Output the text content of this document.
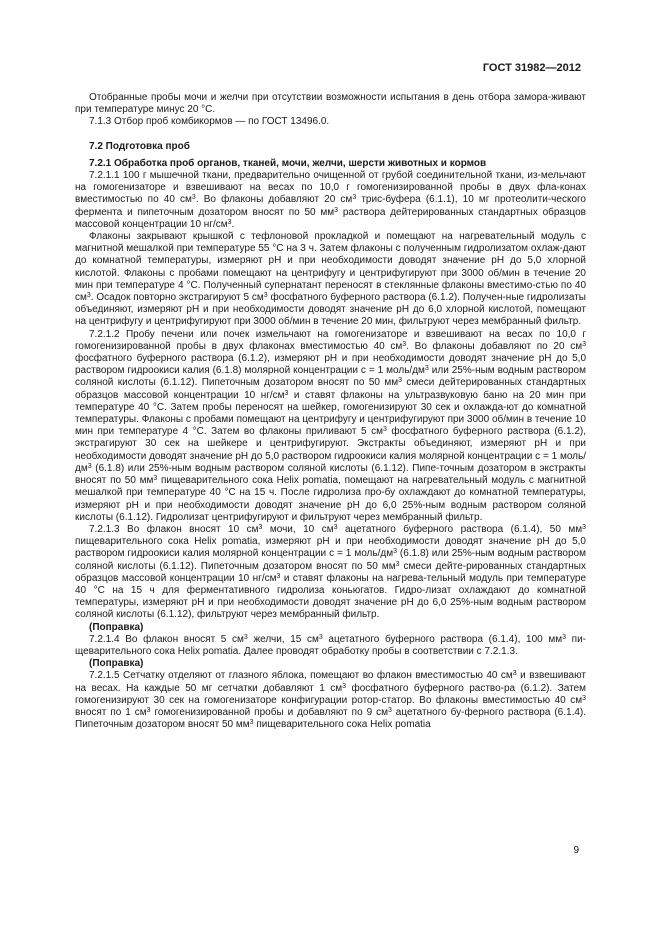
ГОСТ 31982—2012

Отобранные пробы мочи и желчи при отсутствии возможности испытания в день отбора замора-живают при температуре минус 20 °С.

7.1.3 Отбор проб комбикормов — по ГОСТ 13496.0.

7.2 Подготовка проб

7.2.1 Обработка проб органов, тканей, мочи, желчи, шерсти животных и кормов

7.2.1.1 100 г мышечной ткани, предварительно очищенной от грубой соединительной ткани, из-мельчают на гомогенизаторе и взвешивают на весах по 10,0 г гомогенизированной пробы в двух фла-конах вместимостью по 40 $см^3$. Во флаконы добавляют 20 $см^3$ трис-буфера (6.1.1), 10 мг протеолити-ческого фермента и пипеточным дозатором вносят по 50 $мм^3$ раствора дейтерированных стандартных образцов массовой концентрации 10 $нг/см^3$.

Флаконы закрывают крышкой с тефлоновой прокладкой и помещают на нагревательный модуль с магнитной мешалкой при температуре 55 °С на 3 ч. Затем флаконы с полученным гидролизатом охлаж-дают до комнатной температуры, измеряют рН и при необходимости доводят значение рН до 5,0 хлорной кислотой. Флаконы с пробами помещают на центрифугу и центрифугируют при 3000 об/мин в течение 20 мин при температуре 4 °С. Полученный супернатант переносят в стеклянные флаконы вместимо-стью по 40 $см^3$. Осадок повторно экстрагируют 5 $см^3$ фосфатного буферного раствора (6.1.2). Получен-ные гидролизаты объединяют, измеряют рН и при необходимости доводят значение рН до 6,0 хлорной кислотой, помещают на центрифугу и центрифугируют при 3000 об/мин в течение 20 мин, фильтруют через мембранный фильтр.

7.2.1.2 Пробу печени или почек измельчают на гомогенизаторе и взвешивают на весах по 10,0 г гомогенизированной пробы в двух флаконах вместимостью 40 $см^3$. Во флаконы добавляют по 20 $см^3$ фосфатного буферного раствора (6.1.2), измеряют рН и при необходимости доводят значение рН до 5,0 раствором гидроокиси калия (6.1.8) молярной концентрации c = 1 моль/$дм^3$ или 25%-ным водным раствором соляной кислоты (6.1.12). Пипеточным дозатором вносят по 50 $мм^3$ смеси дейтерированных стандартных образцов массовой концентрации 10 $нг/см^3$ и ставят флаконы на ультразвуковую баню на 20 мин при температуре 40 °С. Затем пробы переносят на шейкер, гомогенизируют 30 сек и охлажда-ют до комнатной температуры. Флаконы с пробами помещают на центрифугу и центрифугируют при 3000 об/мин в течение 10 мин при температуре 4 °С. Затем во флаконы приливают 5 $см^3$ фосфатного буферного раствора (6.1.2), экстрагируют 30 сек на шейкере и центрифугируют. Экстракты объединяют, измеряют рН и при необходимости доводят значение рН до 5,0 раствором гидроокиси калия молярной концентрации c = 1 моль/$дм^3$ (6.1.8) или 25%-ным водным раствором соляной кислоты (6.1.12). Пипе-точным дозатором в экстракты вносят по 50 $мм^3$ пищеварительного сока Helix pomatia, помещают на нагревательный модуль с магнитной мешалкой при температуре 40 °С на 15 ч. После гидролиза про-бу охлаждают до комнатной температуры, измеряют рН и при необходимости доводят значение рН до 6,0 25%-ным водным раствором соляной кислоты (6.1.12). Гидролизат центрифугируют и фильтруют через мембранный фильтр.

7.2.1.3 Во флакон вносят 10 $см^3$ мочи, 10 $см^3$ ацетатного буферного раствора (6.1.4), 50 $мм^3$ пищеварительного сока Helix pomatia, измеряют рН и при необходимости доводят значение рН до 5,0 раствором гидроокиси калия молярной концентрации c = 1 моль/$дм^3$ (6.1.8) или 25%-ным водным раствором соляной кислоты (6.1.12). Пипеточным дозатором вносят по 50 $мм^3$ смеси дейтe-рированных стандартных образцов массовой концентрации 10 $нг/см^3$ и ставят флаконы на нагрева-тельный модуль при температуре 40 °С на 15 ч для ферментативного гидролиза коньюгатов. Гидро-лизат охлаждают до комнатной температуры, измеряют рН и при необходимости доводят значение рН до 6,0 25%-ным водным раствором соляной кислоты (6.1.12), фильтруют через мембранный фильтр.

(Поправка)

7.2.1.4 Во флакон вносят 5 $см^3$ желчи, 15 $см^3$ ацетатного буферного раствора (6.1.4), 100 $мм^3$ пи-щеварительного сока Helix pomatia. Далее проводят обработку пробы в соответствии с 7.2.1.3.

(Поправка)

7.2.1.5 Сетчатку отделяют от глазного яблока, помещают во флакон вместимостью 40 $см^3$ и взвешивают на весах. На каждые 50 мг сетчатки добавляют 1 $см^3$ фосфатного буферного раство-ра (6.1.2). Затем гомогенизируют 30 сек на гомогенизаторе конфигурации ротор-статор. Во флаконы вместимостью 40 $см^3$ вносят по 1 $см^3$ гомогенизированной пробы и добавляют по 9 $см^3$ ацетатного бу-ферного раствора (6.1.4). Пипеточным дозатором вносят 50 $мм^3$ пищеварительного сока Helix pomatia

9
